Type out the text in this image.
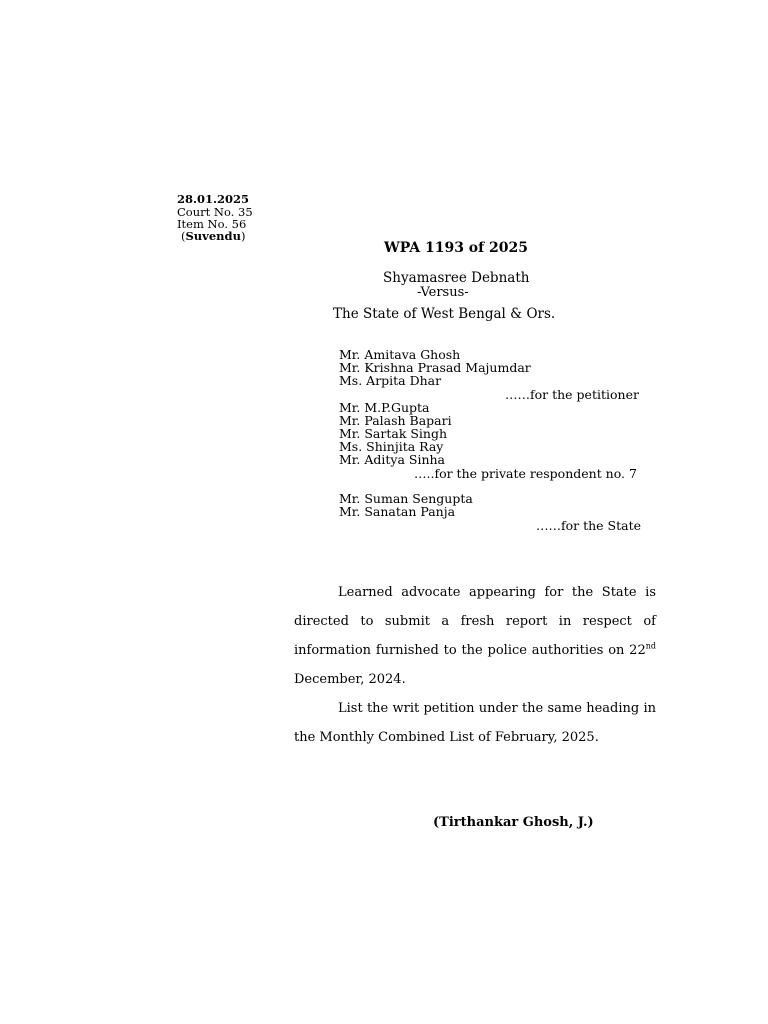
28.01.2025
Court No. 35
Item No. 56
(Suvendu)
WPA 1193 of 2025
Shyamasree Debnath
-Versus-
The State of West Bengal & Ors.
Mr. Amitava Ghosh
Mr. Krishna Prasad Majumdar
Ms. Arpita Dhar
……for the petitioner
Mr. M.P.Gupta
Mr. Palash Bapari
Mr. Sartak Singh
Ms. Shinjita Ray
Mr. Aditya Sinha
…..for the private respondent no. 7
Mr. Suman Sengupta
Mr. Sanatan Panja
……for the State

Learned advocate appearing for the State is directed to submit a fresh report in respect of information furnished to the police authorities on 22nd December, 2024.

List the writ petition under the same heading in the Monthly Combined List of February, 2025.

(Tirthankar Ghosh, J.)
